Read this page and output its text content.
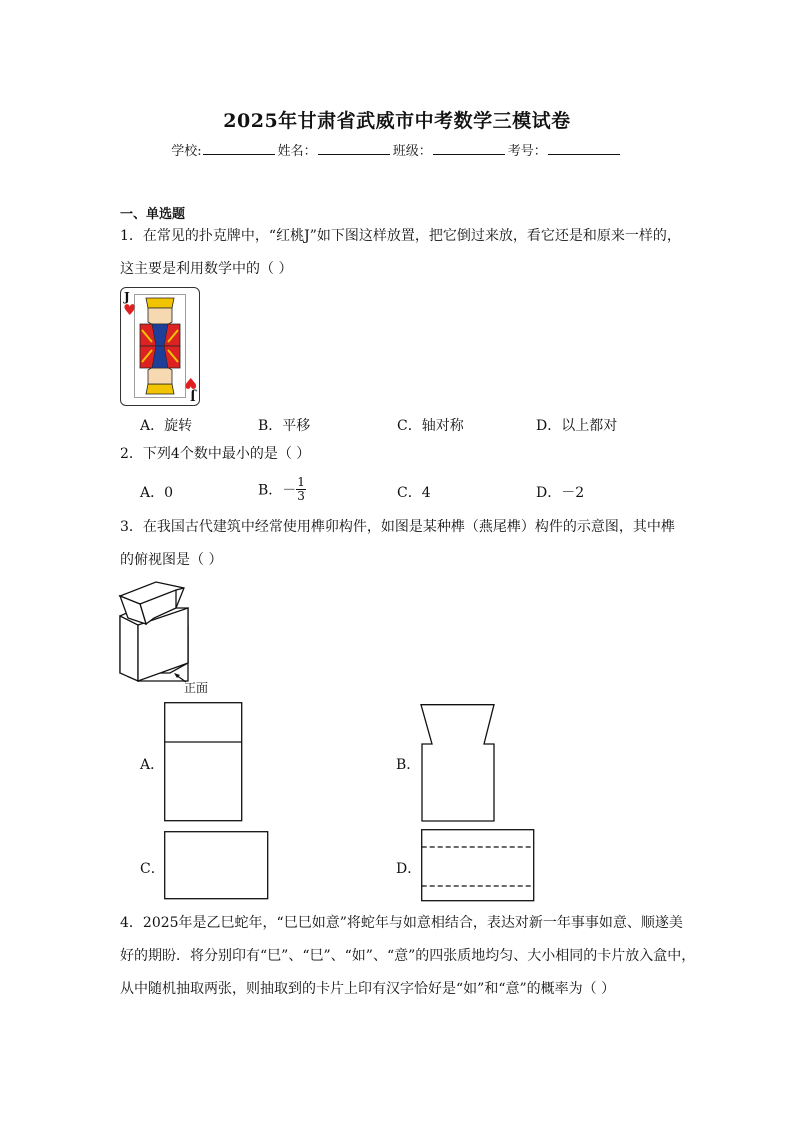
2025年甘肃省武威市中考数学三模试卷
学校:	姓名：	班级：	考号：
一、单选题
1．在常见的扑克牌中，“红桃J”如下图这样放置，把它倒过来放，看它还是和原来一样的，
这主要是利用数学中的（ ）
J
♥
J
♥
A．旋转	B．平移	C．轴对称	D．以上都对
2．下列4个数中最小的是（ ）
A．0	B．－ $\frac{1}{3}$	C．4	D．－2
3．在我国古代建筑中经常使用榫卯构件，如图是某种榫（燕尾榫）构件的示意图，其中榫
的俯视图是（ ）
正面
A．	B．
C．	D．
4．2025年是乙巳蛇年，“巳巳如意”将蛇年与如意相结合，表达对新一年事事如意、顺遂美
好的期盼．将分别印有“巳”、“巳”、“如”、“意”的四张质地均匀、大小相同的卡片放入盒中，
从中随机抽取两张，则抽取到的卡片上印有汉字恰好是“如”和“意”的概率为（ ）
